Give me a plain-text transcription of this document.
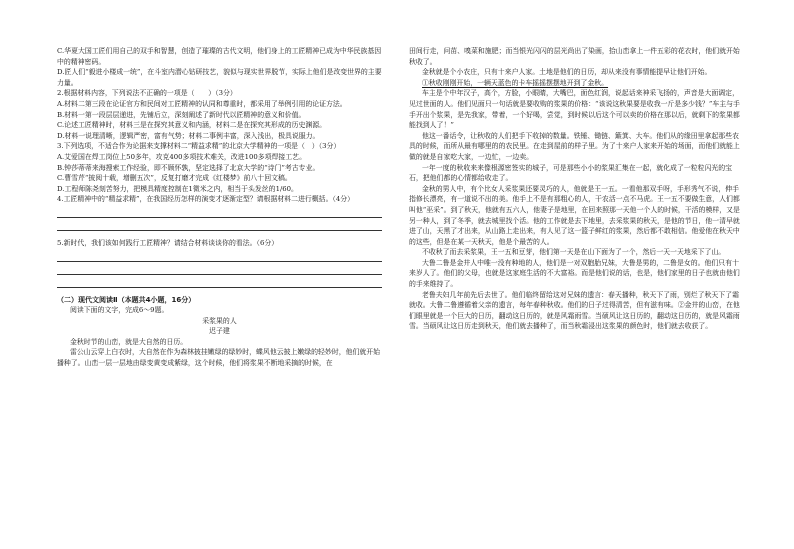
C.华夏大国工匠们用自己的双手和智慧，创造了璀璨的古代文明，他们身上的工匠精神已成为中华民族基因中的精神密码。

D.匠人们“毅进小楼成一统”，在斗室内潜心钻研技艺，貌似与现实世界脱节，实际上他们是改变世界的主要力量。

2.根据材料内容，下列说法不正确的一项是（　　）（3分）

A.材料二第三段在论证官方和民间对工匠精神的认同和尊重时，都采用了举例引用的论证方法。

B.材料一第一段层层递进，先铺后立，深刻阐述了新时代以匠精神的意义和价值。

C.论述工匠精神时，材料三是在探究其意义和内涵，材料二是在探究其形成的历史渊源。

D.材料一说理清晰，逻辑严密，富有气势；材料二事例丰富，深入浅出，极具说服力。

3.下列选项，不适合作为论据来支撑材料二“精益求精”的北京大学精神的一项是（　）（3分）

A.艾爱国在焊工岗位上50多年，攻克400多项技术难关，改进100多项焊接工艺。

B.钟莎蒂蒂来海搜索工作经验，即不顾怀孰，坚定选择了北京大学的“诗门”考古专业。

C.曹雪芹“披阅十载，增删五次”，反复打磨才完成《红楼梦》前八十回文稿。

D.工程师陈尧刻苦努力，把模具精度控制在1微米之内，相当于头发丝的1/60。

4.工匠精神中的“精益求精”，在我国经历怎样的演变才逐渐定型？请根据材料二进行概括。（4分）

5.新时代，我们该如何践行工匠精神？请结合材料谈谈你的看法。（6分）

（二）现代文阅读Ⅱ（本题共4小题，16分）

阅读下面的文字，完成6～9题。

采浆果的人

迟子建

金秋时节的山峦，就是大自然的日历。

雷公山云穿上白衣时，大自然在作为森林披挂嫩绿的绿妙时，蝶风他云披上嫩绿的轻妙时，他们就开始播种了。山峦一层一层地由绿变黄变成紫绿，这个时候，他们将浆果不断地采摘的时候，在

田间行走，问苗、嗅菜和施肥；而当银光闪闪的层光尚出了染画，拾山峦拿上一件五彩的花衣时，他们就开始秋收了。

金秋就是个小农庄，只有十来户人家。土地是他们的日历，却从来没有事情能提早让他们开始。

①秋收刚刚开始，一辆天蓝色的卡车摇摇摆摆地开到了金秋。

车主是个中年汉子，高个，方脸，小眼睛，大嘴巴，面色红润，说起话来神采飞扬的，声音是大面调定，见过世面的人。他们见面只一句话就是要收购的浆果的价格：“该说这秋果要是收我一斤是多少钱？”车主与手手开出个浆果，是先我家，带着，一个好喝，尝觉，到时候以后这个可以卖的价格在那以后，就剩下的浆果都能找到人了！”

他这一番话令，让秋收的人们把手下收掉的数量。铁锤、锄链、簸箕、大车。他们从的缘田里拿起那些农具的时候，而所从最有哪里的的农民里。在走到屋前的样子里。为了十来户人家来开始的场面，而他们就能上做的就是自家吃大家，一边忙，一边卖。

一年一度的秋收来来像根源密签实的城子，可是那些小小的浆果汇集在一起，就化成了一粒粒闪光的宝石，把他们都的心情都给收走了。

金秋的男人中，有个比女人采浆果还要灵巧的人，他就是王一五。一看他那双手呀，手形秀气不说，伸手指修长漂亮，有一道说不出的美。他手上不是有那粗心的人，干农活一点不马虎。王一五不要做生意，人们都叫他“巫采”。到了秋天，他就有五六人，他妻子是地里，在回来照那一天他一个人的时候，干活的模样，又是另一种人，到了冬季，就去城里找个活。他的工作就是去下地里，去采浆果的秋天，是他的节日，他一清早就进了山，天黑了才出来，从山路上走出来，有人见了这一篮子鲜红的浆果，然后都不敢相信。他爱他在秋天中的这些，但是在某一天秋天，他是个最苦的人。

不收秋了而去采浆果，王一五和豆芽，他们第一天是在山下面为了一个，然后一天一天地采下了山。

大鲁二鲁是金井人中唯一没有种地的人，他们是一对双胞胎兄妹，大鲁是男的，二鲁是女的。他们只有十来岁人了。他们的父母，也就是这家庭生活的不大富裕。而是他们说的话，也是，他们家里的日子也就由他们的手来维持了。

老鲁夫妇几年前先后去世了。他们临终留给这对兄妹的遗言：春天播种，秋天下了雨，别烂了秋天下了霜就收。大鲁二鲁遵循着父亲的遗言，每年春种秋收。他们的日子过得清苦，但有滋有味。②金井的山峦，在他们眼里就是一个巨大的日历，翻动这日历的，就是风霜雨雪。当硕风让这日历的，翻动这日历的，就是风霜雨雪。当硕风让这日历走到秋天，他们就去播种了，而当秋霜浸出这浆果的颜色时，他们就去收获了。
